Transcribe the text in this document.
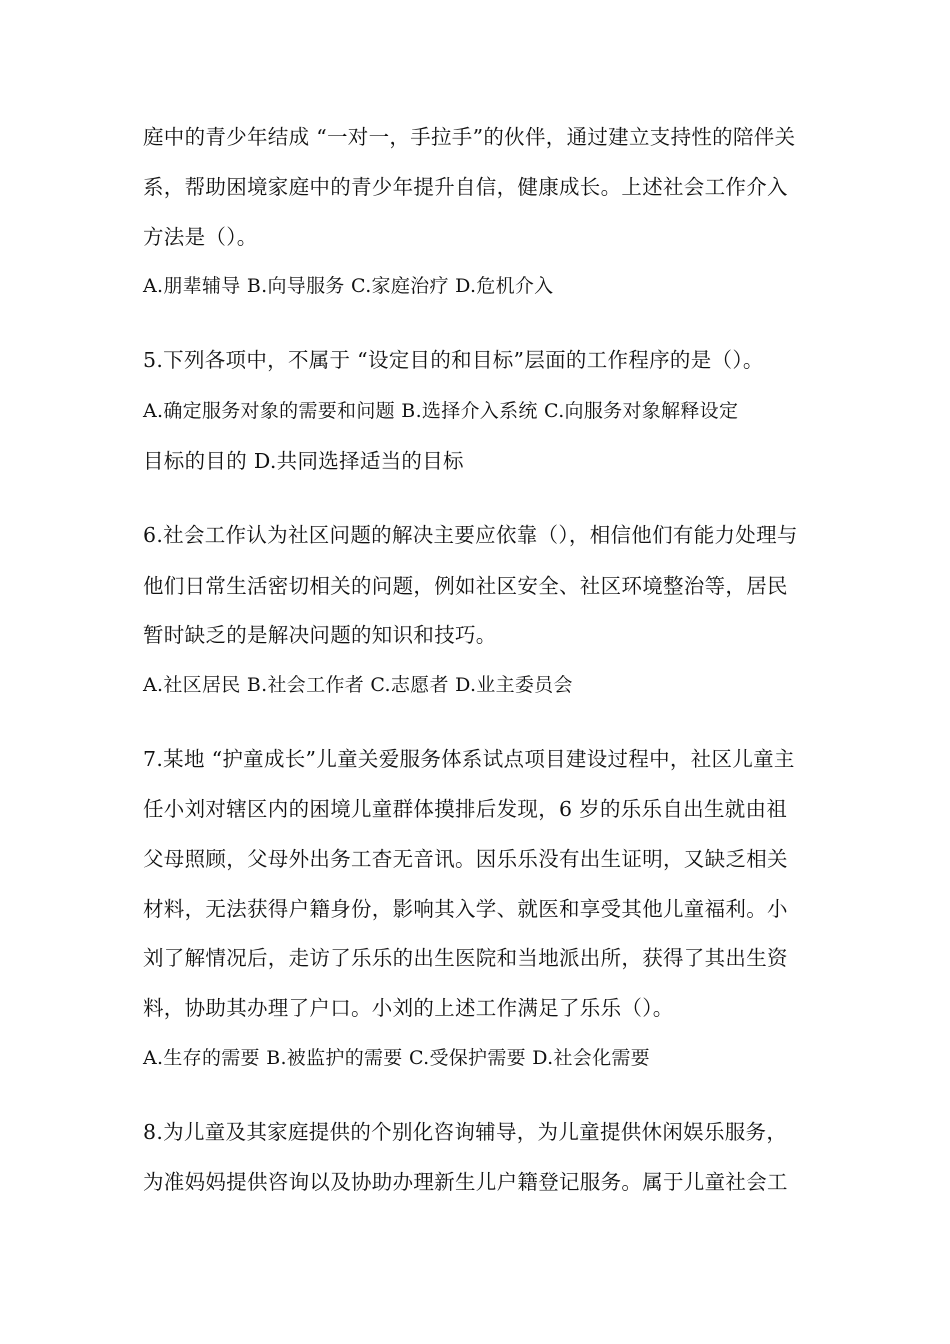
庭中的青少年结成 “一对一，手拉手”的伙伴，通过建立支持性的陪伴关
系，帮助困境家庭中的青少年提升自信，健康成长。上述社会工作介入
方法是（）。
A.朋辈辅导 B.向导服务 C.家庭治疗 D.危机介入
5.下列各项中，不属于 “设定目的和目标”层面的工作程序的是（）。
A.确定服务对象的需要和问题 B.选择介入系统 C.向服务对象解释设定
目标的目的 D.共同选择适当的目标
6.社会工作认为社区问题的解决主要应依靠（），相信他们有能力处理与
他们日常生活密切相关的问题，例如社区安全、社区环境整治等，居民
暂时缺乏的是解决问题的知识和技巧。
A.社区居民 B.社会工作者 C.志愿者 D.业主委员会
7.某地 “护童成长”儿童关爱服务体系试点项目建设过程中，社区儿童主
任小刘对辖区内的困境儿童群体摸排后发现，6 岁的乐乐自出生就由祖
父母照顾，父母外出务工杳无音讯。因乐乐没有出生证明，又缺乏相关
材料，无法获得户籍身份，影响其入学、就医和享受其他儿童福利。小
刘了解情况后，走访了乐乐的出生医院和当地派出所，获得了其出生资
料，协助其办理了户口。小刘的上述工作满足了乐乐（）。
A.生存的需要 B.被监护的需要 C.受保护需要 D.社会化需要
8.为儿童及其家庭提供的个别化咨询辅导，为儿童提供休闲娱乐服务，
为准妈妈提供咨询以及协助办理新生儿户籍登记服务。属于儿童社会工
